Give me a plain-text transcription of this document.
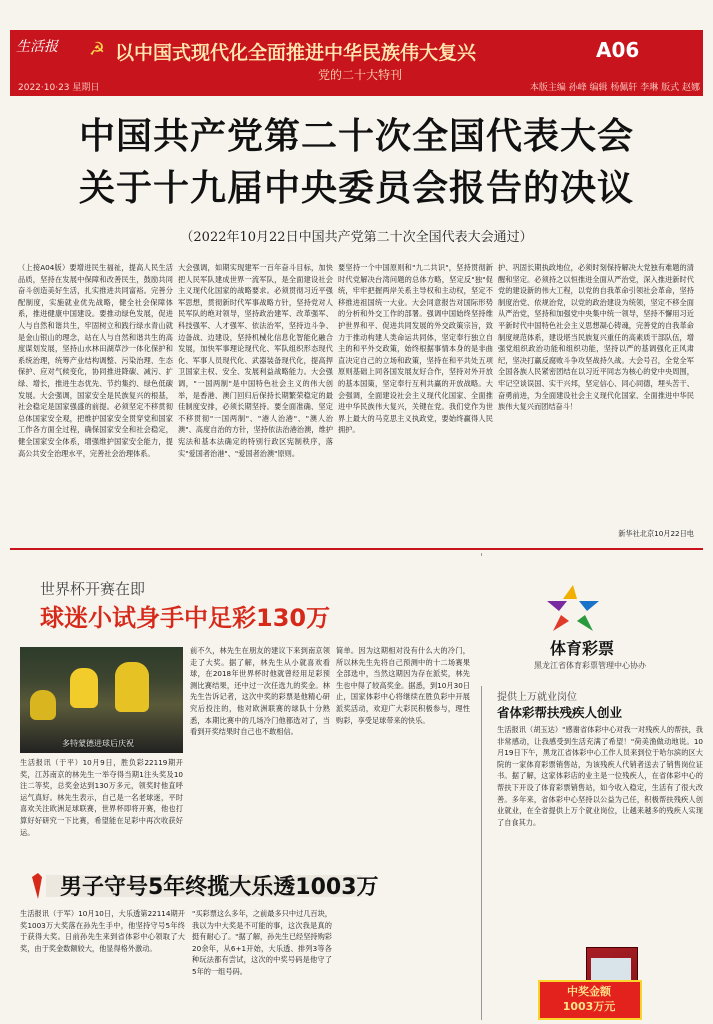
生活报	☭ 以中国式现代化全面推进中华民族伟大复兴	A06
党的二十大特刊
2022·10·23 星期日	本版主编 孙峰 编辑 杨佩轩 李琳 版式 赵娜
中国共产党第二十次全国代表大会
关于十九届中央委员会报告的决议
（2022年10月22日中国共产党第二十次全国代表大会通过）
（上接A04版）要增进民生福祉，提高人民生活品质，坚持在发展中保障和改善民生，鼓励共同奋斗创造美好生活，扎实推进共同富裕。完善分配制度，实施就业优先战略，健全社会保障体系，推进健康中国建设。要推动绿色发展，促进人与自然和谐共生，牢固树立和践行绿水青山就是金山银山的理念，站在人与自然和谐共生的高度谋划发展，坚持山水林田湖草沙一体化保护和系统治理，统筹产业结构调整、污染治理、生态保护、应对气候变化，协同推进降碳、减污、扩绿、增长，推进生态优先、节约集约、绿色低碳发展。大会强调，国家安全是民族复兴的根基，社会稳定是国家强盛的前提。必须坚定不移贯彻总体国家安全观，把维护国家安全贯穿党和国家工作各方面全过程，确保国家安全和社会稳定，健全国家安全体系，增强维护国家安全能力，提高公共安全治理水平，完善社会治理体系。
大会强调，如期实现建军一百年奋斗目标，加快把人民军队建成世界一流军队，是全面建设社会主义现代化国家的战略要求。必须贯彻习近平强军思想，贯彻新时代军事战略方针，坚持党对人民军队的绝对领导，坚持政治建军、改革强军、科技强军、人才强军、依法治军，坚持边斗争、边备战、边建设，坚持机械化信息化智能化融合发展，加快军事理论现代化、军队组织形态现代化、军事人员现代化、武器装备现代化，提高捍卫国家主权、安全、发展利益战略能力。大会强调，"一国两制"是中国特色社会主义的伟大创举，是香港、澳门回归后保持长期繁荣稳定的最佳制度安排，必须长期坚持。要全面准确、坚定不移贯彻"一国两制"、"港人治港"、"澳人治澳"、高度自治的方针，坚持依法治港治澳，维护宪法和基本法确定的特别行政区宪制秩序，落实"爱国者治港"、"爱国者治澳"原则。
要坚持一个中国原则和"九二共识"，坚持贯彻新时代党解决台湾问题的总体方略，坚定反"独"促统，牢牢把握两岸关系主导权和主动权，坚定不移推进祖国统一大业。大会同意报告对国际形势的分析和外交工作的部署。强调中国始终坚持维护世界和平、促进共同发展的外交政策宗旨，致力于推动构建人类命运共同体，坚定奉行独立自主的和平外交政策，始终根据事情本身的是非曲直决定自己的立场和政策，坚持在和平共处五项原则基础上同各国发展友好合作，坚持对外开放的基本国策，坚定奉行互利共赢的开放战略。大会强调，全面建设社会主义现代化国家、全面推进中华民族伟大复兴，关键在党。我们党作为世界上最大的马克思主义执政党，要始终赢得人民拥护。
护、巩固长期执政地位，必须时刻保持解决大党独有难题的清醒和坚定。必须持之以恒推进全面从严治党，深入推进新时代党的建设新的伟大工程，以党的自我革命引领社会革命，坚持制度治党、依规治党，以党的政治建设为统领，坚定不移全面从严治党，坚持和加强党中央集中统一领导，坚持不懈用习近平新时代中国特色社会主义思想凝心铸魂，完善党的自我革命制度规范体系，建设堪当民族复兴重任的高素质干部队伍，增强党组织政治功能和组织功能，坚持以严的基调强化正风肃纪，坚决打赢反腐败斗争攻坚战持久战。大会号召，全党全军全国各族人民紧密团结在以习近平同志为核心的党中央周围，牢记空谈误国、实干兴邦，坚定信心、同心同德，埋头苦干、奋勇前进，为全面建设社会主义现代化国家、全面推进中华民族伟大复兴而团结奋斗！
新华社北京10月22日电
世界杯开赛在即
球迷小试身手中足彩130万
多特蒙德进球后庆祝
生活报讯（于平）10月9日，胜负彩22119期开奖，江苏南京的林先生一举夺得当期1注头奖及10注二等奖，总奖金达到130万多元，领奖时他直呼运气真好。林先生表示，自己是一名老球迷，平时喜欢关注欧洲足球联赛，世界杯即将开赛，他也打算好好研究一下比赛，希望能在足彩中再次收获好运。
前不久，林先生在朋友的建议下来到南京领走了大奖。据了解，林先生从小就喜欢看球，在2018年世界杯时他就曾经用足彩预测比赛结果，还中过一次任选九的奖金。林先生告诉记者，这次中奖的彩票是他精心研究后投注的，他对欧洲联赛的球队十分熟悉，本期比赛中的几场冷门他都选对了，当看到开奖结果时自己也不敢相信。
简单。因为这期相对没有什么大的冷门，所以林先生先将自己预测中的十二场赛果全部选中，当然这期因为存在派奖，林先生也中得了较高奖金。据悉，到10月30日止，国家体彩中心将继续在胜负彩中开展派奖活动，欢迎广大彩民积极参与，理性购彩，享受足球带来的快乐。
男子守号5年终揽大乐透1003万
生活报讯（于军）10月10日，大乐透第22114期开奖1003万大奖落在孙先生手中，他坚持守号5年终于获得大奖。日前孙先生来到省体彩中心领取了大奖，由于奖金数额较大，他显得格外激动。
"买彩票这么多年，之前最多只中过几百块，我以为中大奖是不可能的事，这次我是真的挺有耐心了。"据了解，孙先生已经坚持购彩20余年，从6+1开始，大乐透、排列3等各种玩法都有尝试，这次的中奖号码是他守了5年的一组号码。
体育彩票
黑龙江省体育彩票管理中心协办
提供上万就业岗位
省体彩帮扶残疾人创业
生活报讯（胡玉达）"感谢省体彩中心对我一对残疾人的帮扶，我非常感动，让我感受到生活充满了希望！"荷美渔做动地说。10月19日下午，黑龙江省体彩中心工作人员来到位于哈尔滨的区大院的一家体育彩票销售站，为该残疾人代销者送去了销售岗位证书。据了解，这家体彩店的业主是一位残疾人，在省体彩中心的帮扶下开设了体育彩票销售站，如今收入稳定，生活有了很大改善。多年来，省体彩中心坚持以公益为己任，积极帮扶残疾人创业就业，在全省提供上万个就业岗位，让越来越多的残疾人实现了自食其力。
中奖金额
1003万元
